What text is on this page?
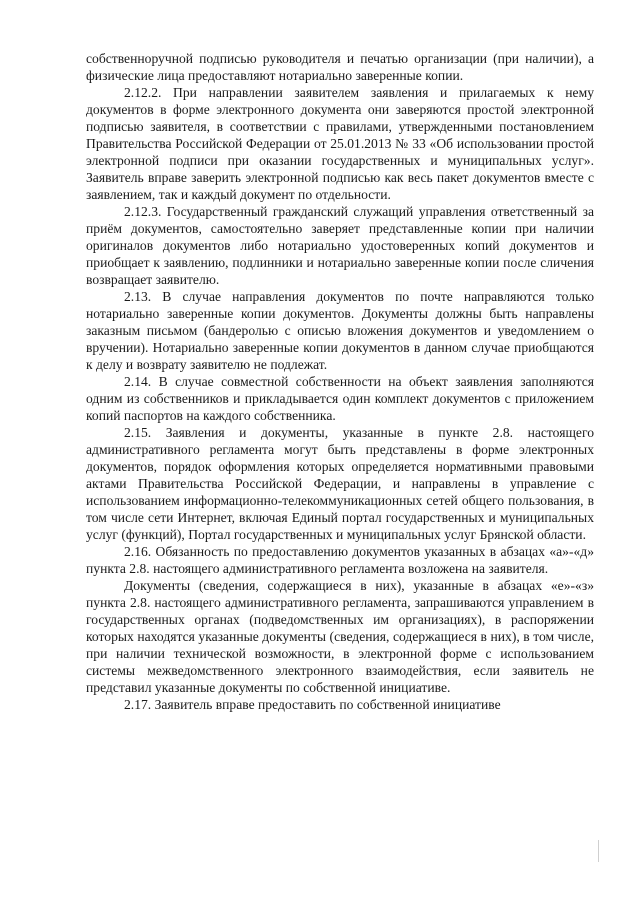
собственноручной подписью руководителя и печатью организации (при наличии), а физические лица предоставляют нотариально заверенные копии.

2.12.2. При направлении заявителем заявления и прилагаемых к нему документов в форме электронного документа они заверяются простой электронной подписью заявителя, в соответствии с правилами, утвержденными постановлением Правительства Российской Федерации от 25.01.2013 № 33 «Об использовании простой электронной подписи при оказании государственных и муниципальных услуг». Заявитель вправе заверить электронной подписью как весь пакет документов вместе с заявлением, так и каждый документ по отдельности.

2.12.3. Государственный гражданский служащий управления ответственный за приём документов, самостоятельно заверяет представленные копии при наличии оригиналов документов либо нотариально удостоверенных копий документов и приобщает к заявлению, подлинники и нотариально заверенные копии после сличения возвращает заявителю.

2.13. В случае направления документов по почте направляются только нотариально заверенные копии документов. Документы должны быть направлены заказным письмом (бандеролью с описью вложения документов и уведомлением о вручении). Нотариально заверенные копии документов в данном случае приобщаются к делу и возврату заявителю не подлежат.

2.14. В случае совместной собственности на объект заявления заполняются одним из собственников и прикладывается один комплект документов с приложением копий паспортов на каждого собственника.

2.15. Заявления и документы, указанные в пункте 2.8. настоящего административного регламента могут быть представлены в форме электронных документов, порядок оформления которых определяется нормативными правовыми актами Правительства Российской Федерации, и направлены в управление с использованием информационно-телекоммуникационных сетей общего пользования, в том числе сети Интернет, включая Единый портал государственных и муниципальных услуг (функций), Портал государственных и муниципальных услуг Брянской области.

2.16. Обязанность по предоставлению документов указанных в абзацах «а»-«д» пункта 2.8. настоящего административного регламента возложена на заявителя.

Документы (сведения, содержащиеся в них), указанные в абзацах «е»-«з» пункта 2.8. настоящего административного регламента, запрашиваются управлением в государственных органах (подведомственных им организациях), в распоряжении которых находятся указанные документы (сведения, содержащиеся в них), в том числе, при наличии технической возможности, в электронной форме с использованием системы межведомственного электронного взаимодействия, если заявитель не представил указанные документы по собственной инициативе.

2.17. Заявитель вправе предоставить по собственной инициативе
